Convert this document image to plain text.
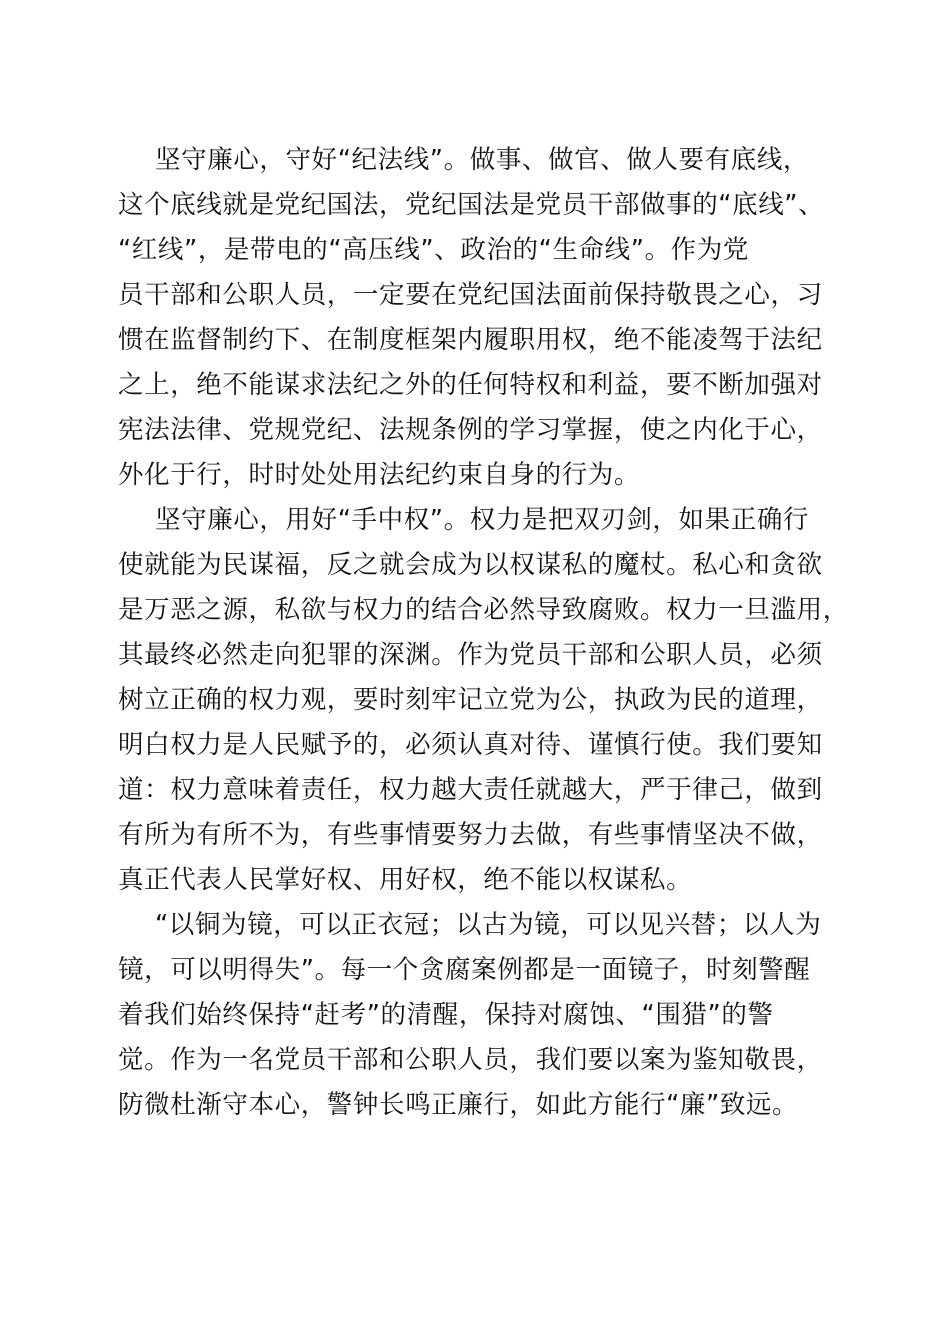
坚守廉心，守好“纪法线”。做事、做官、做人要有底线，
这个底线就是党纪国法，党纪国法是党员干部做事的“底线”、
“红线”，是带电的“高压线”、政治的“生命线”。作为党
员干部和公职人员，一定要在党纪国法面前保持敬畏之心，习
惯在监督制约下、在制度框架内履职用权，绝不能凌驾于法纪
之上，绝不能谋求法纪之外的任何特权和利益，要不断加强对
宪法法律、党规党纪、法规条例的学习掌握，使之内化于心，
外化于行，时时处处用法纪约束自身的行为。
坚守廉心，用好“手中权”。权力是把双刃剑，如果正确行
使就能为民谋福，反之就会成为以权谋私的魔杖。私心和贪欲
是万恶之源，私欲与权力的结合必然导致腐败。权力一旦滥用，
其最终必然走向犯罪的深渊。作为党员干部和公职人员，必须
树立正确的权力观，要时刻牢记立党为公，执政为民的道理，
明白权力是人民赋予的，必须认真对待、谨慎行使。我们要知
道：权力意味着责任，权力越大责任就越大，严于律己，做到
有所为有所不为，有些事情要努力去做，有些事情坚决不做，
真正代表人民掌好权、用好权，绝不能以权谋私。
“以铜为镜，可以正衣冠；以古为镜，可以见兴替；以人为
镜，可以明得失”。每一个贪腐案例都是一面镜子，时刻警醒
着我们始终保持“赶考”的清醒，保持对腐蚀、“围猎”的警
觉。作为一名党员干部和公职人员，我们要以案为鉴知敬畏，
防微杜渐守本心，警钟长鸣正廉行，如此方能行“廉”致远。
